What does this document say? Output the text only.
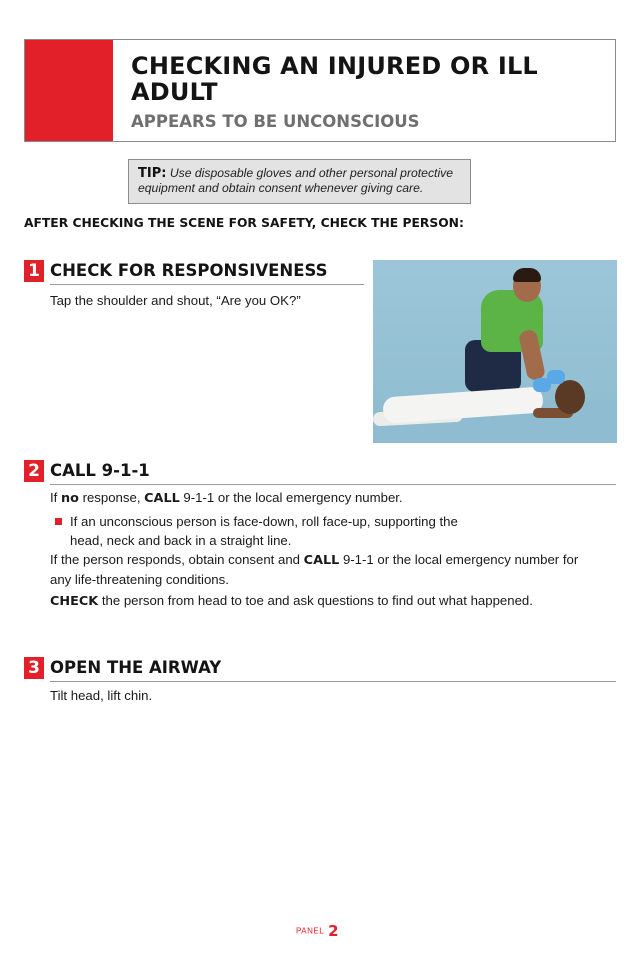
CHECKING AN INJURED OR ILL ADULT
APPEARS TO BE UNCONSCIOUS
TIP: Use disposable gloves and other personal protective equipment and obtain consent whenever giving care.

AFTER CHECKING THE SCENE FOR SAFETY, CHECK THE PERSON:

1 CHECK FOR RESPONSIVENESS

Tap the shoulder and shout, “Are you OK?”

2 CALL 9-1-1

If no response, CALL 9-1-1 or the local emergency number.

If an unconscious person is face-down, roll face-up, supporting the head, neck and back in a straight line.

If the person responds, obtain consent and CALL 9-1-1 or the local emergency number for any life-threatening conditions.

CHECK the person from head to toe and ask questions to find out what happened.

3 OPEN THE AIRWAY

Tilt head, lift chin.

PANEL 2
